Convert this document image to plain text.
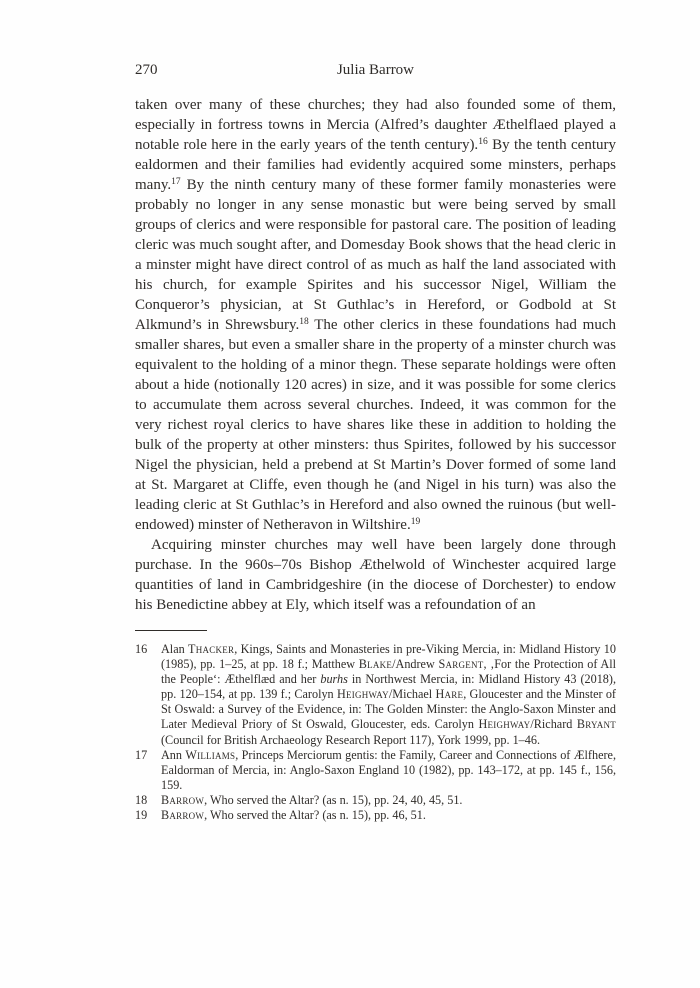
270	Julia Barrow

taken over many of these churches; they had also founded some of them, especially in fortress towns in Mercia (Alfred’s daughter Æthelflaed played a notable role here in the early years of the tenth century).$^{16}$ By the tenth century ealdormen and their families had evidently acquired some minsters, perhaps many.$^{17}$ By the ninth century many of these former family monasteries were probably no longer in any sense monastic but were being served by small groups of clerics and were responsible for pastoral care. The position of leading cleric was much sought after, and Domesday Book shows that the head cleric in a minster might have direct control of as much as half the land associated with his church, for example Spirites and his successor Nigel, William the Conqueror’s physician, at St Guthlac’s in Hereford, or Godbold at St Alkmund’s in Shrewsbury.$^{18}$ The other clerics in these foundations had much smaller shares, but even a smaller share in the property of a minster church was equivalent to the holding of a minor thegn. These separate holdings were often about a hide (notionally 120 acres) in size, and it was possible for some clerics to accumulate them across several churches. Indeed, it was common for the very richest royal clerics to have shares like these in addition to holding the bulk of the property at other minsters: thus Spirites, followed by his successor Nigel the physician, held a prebend at St Martin’s Dover formed of some land at St. Margaret at Cliffe, even though he (and Nigel in his turn) was also the leading cleric at St Guthlac’s in Hereford and also owned the ruinous (but well-endowed) minster of Netheravon in Wiltshire.$^{19}$

Acquiring minster churches may well have been largely done through purchase. In the 960s–70s Bishop Æthelwold of Winchester acquired large quantities of land in Cambridgeshire (in the diocese of Dorchester) to endow his Benedictine abbey at Ely, which itself was a refoundation of an

16	Alan Thacker, Kings, Saints and Monasteries in pre-Viking Mercia, in: Midland History 10 (1985), pp. 1–25, at pp. 18 f.; Matthew Blake/Andrew Sargent, ‚For the Protection of All the People‘: Æthelflæd and her burhs in Northwest Mercia, in: Midland History 43 (2018), pp. 120–154, at pp. 139 f.; Carolyn Heighway/Michael Hare, Gloucester and the Minster of St Oswald: a Survey of the Evidence, in: The Golden Minster: the Anglo-Saxon Minster and Later Medieval Priory of St Oswald, Gloucester, eds. Carolyn Heighway/Richard Bryant (Council for British Archaeology Research Report 117), York 1999, pp. 1–46.
17	Ann Williams, Princeps Merciorum gentis: the Family, Career and Connections of Ælfhere, Ealdorman of Mercia, in: Anglo-Saxon England 10 (1982), pp. 143–172, at pp. 145 f., 156, 159.
18	Barrow, Who served the Altar? (as n. 15), pp. 24, 40, 45, 51.
19	Barrow, Who served the Altar? (as n. 15), pp. 46, 51.
